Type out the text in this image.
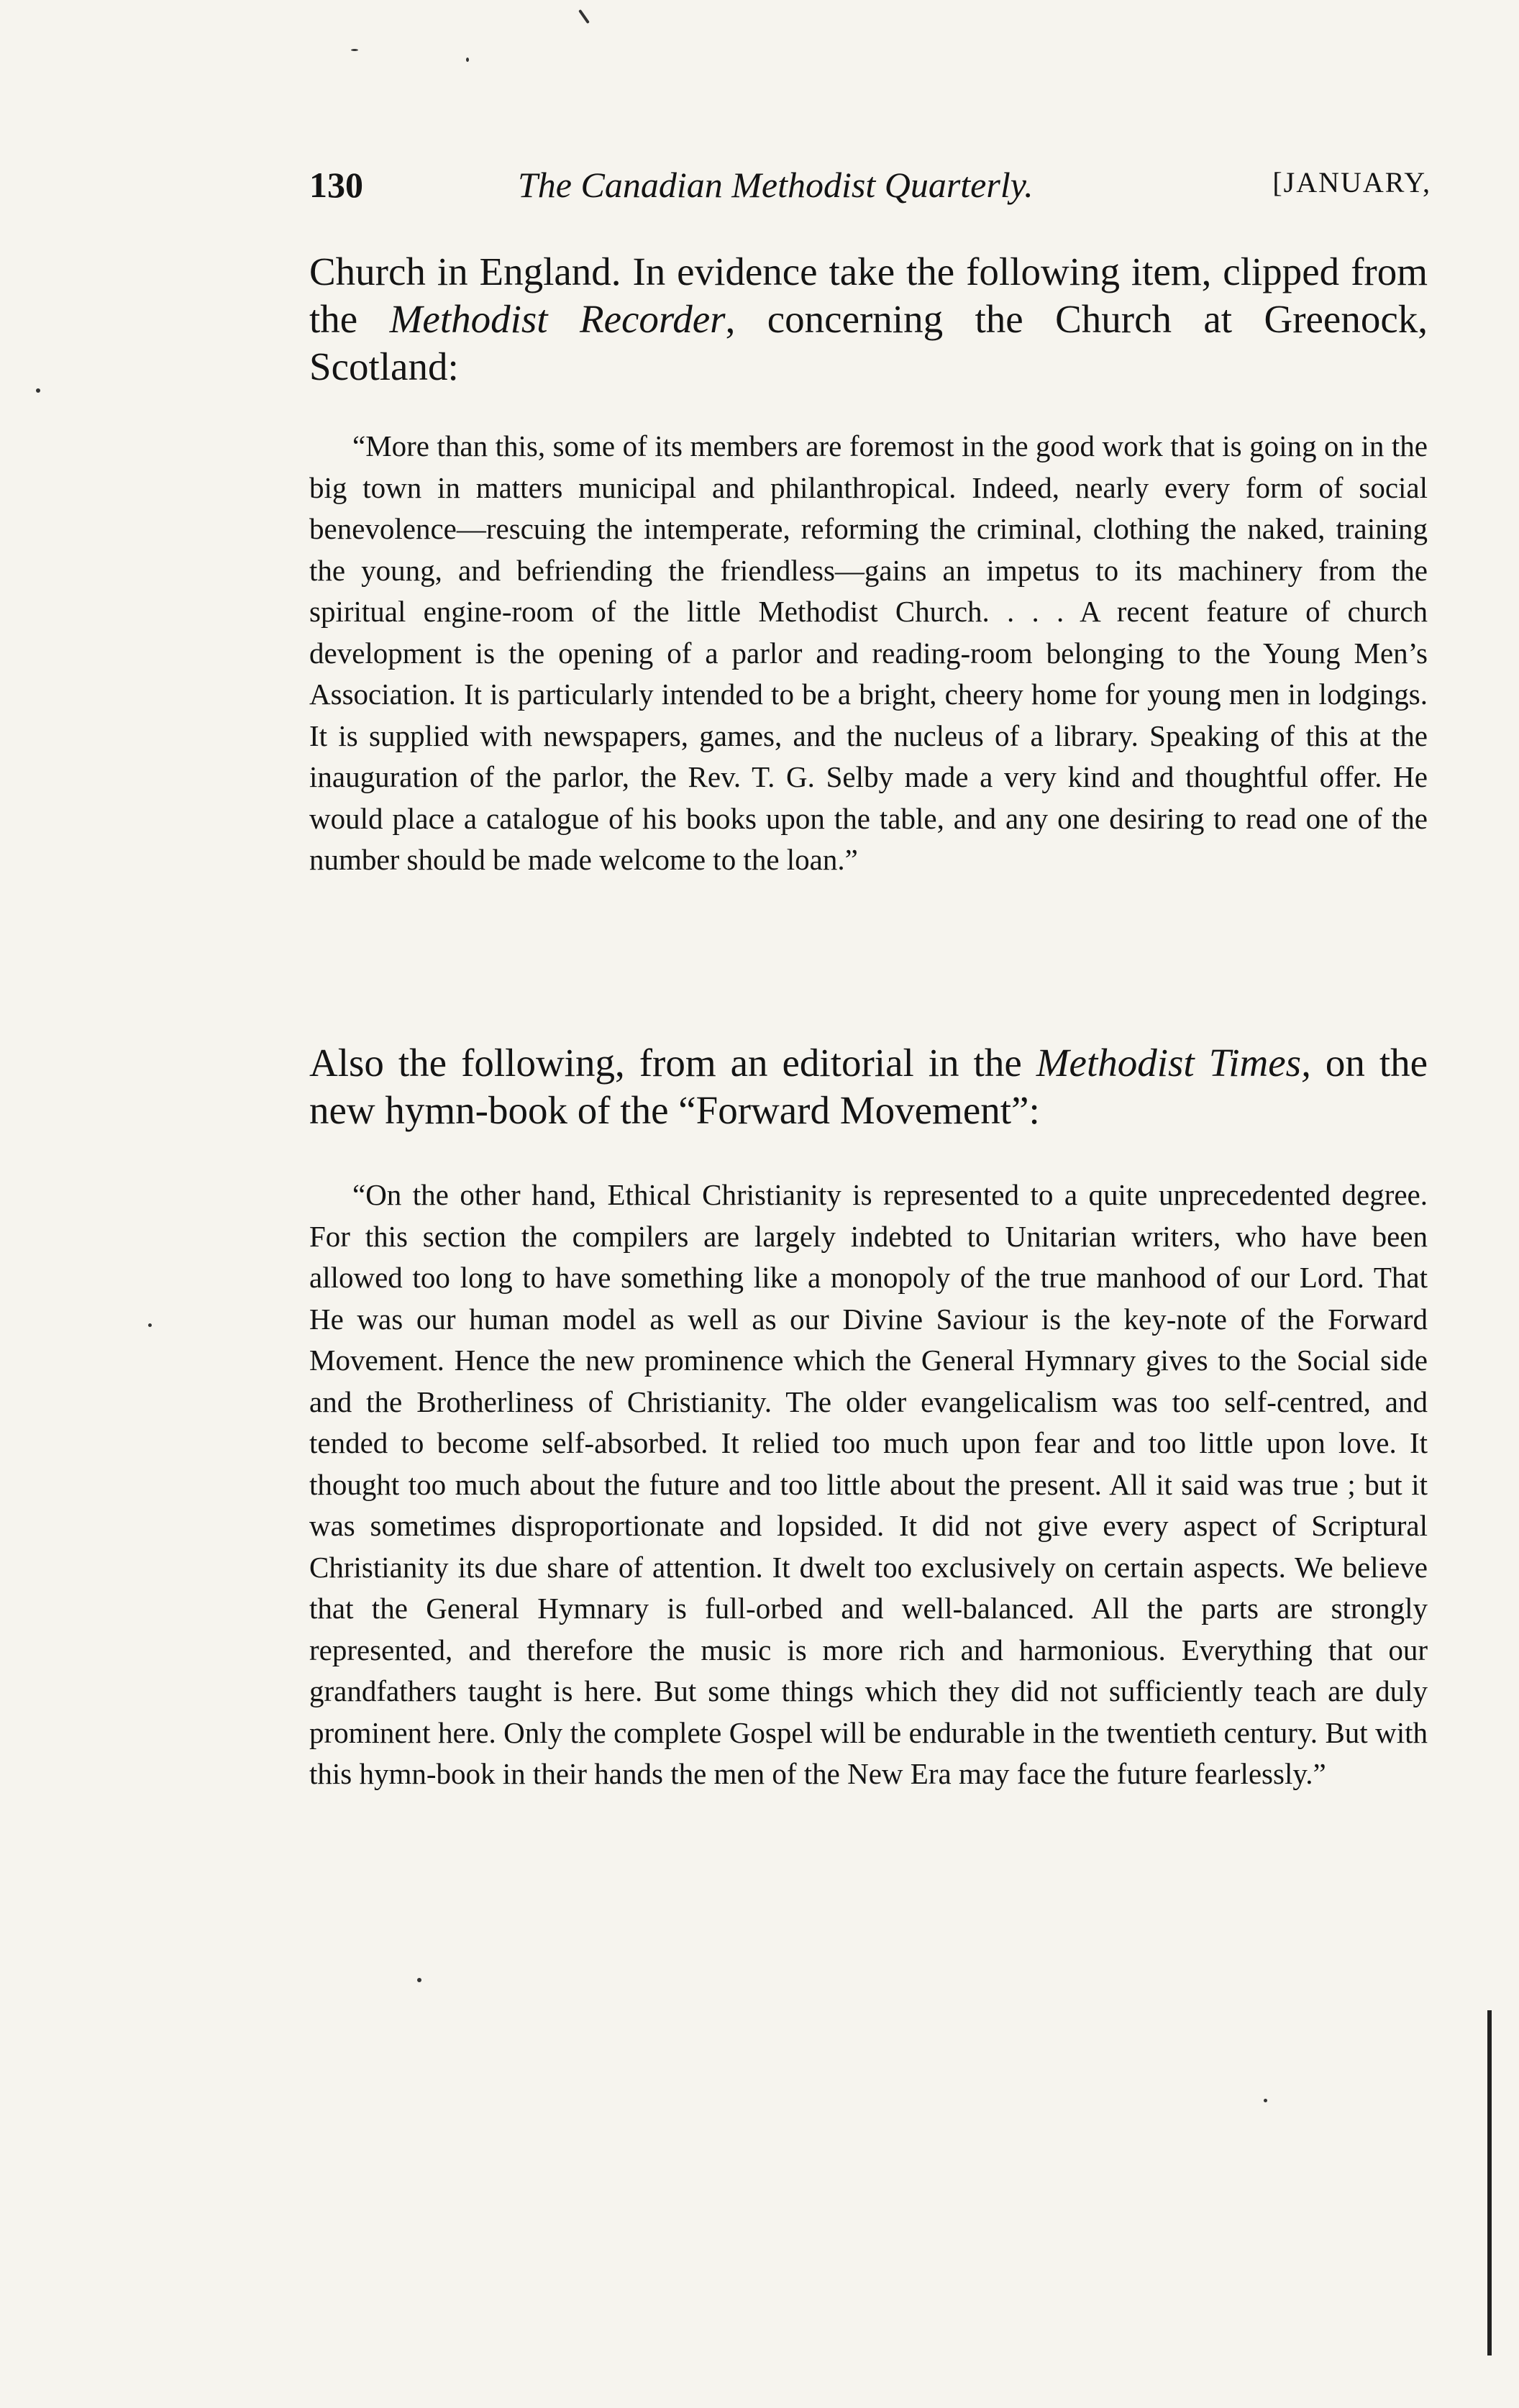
130	The Canadian Methodist Quarterly.	[JANUARY,

Church in England. In evidence take the following item, clipped from the Methodist Recorder, concerning the Church at Greenock, Scotland:

“More than this, some of its members are foremost in the good work that is going on in the big town in matters municipal and philanthropical. Indeed, nearly every form of social benevolence—rescuing the intemperate, reforming the criminal, clothing the naked, training the young, and befriending the friendless—gains an impetus to its machinery from the spiritual engine-room of the little Methodist Church. . . . A recent feature of church development is the opening of a parlor and reading-room belonging to the Young Men’s Association. It is particularly intended to be a bright, cheery home for young men in lodgings. It is supplied with newspapers, games, and the nucleus of a library. Speaking of this at the inauguration of the parlor, the Rev. T. G. Selby made a very kind and thoughtful offer. He would place a catalogue of his books upon the table, and any one desiring to read one of the number should be made welcome to the loan.”

Also the following, from an editorial in the Methodist Times, on the new hymn-book of the “Forward Movement”:

“On the other hand, Ethical Christianity is represented to a quite unprecedented degree. For this section the compilers are largely indebted to Unitarian writers, who have been allowed too long to have something like a monopoly of the true manhood of our Lord. That He was our human model as well as our Divine Saviour is the key-note of the Forward Movement. Hence the new prominence which the General Hymnary gives to the Social side and the Brotherliness of Christianity. The older evangelicalism was too self-centred, and tended to become self-absorbed. It relied too much upon fear and too little upon love. It thought too much about the future and too little about the present. All it said was true ; but it was sometimes disproportionate and lopsided. It did not give every aspect of Scriptural Christianity its due share of attention. It dwelt too exclusively on certain aspects. We believe that the General Hymnary is full-orbed and well-balanced. All the parts are strongly represented, and therefore the music is more rich and harmonious. Everything that our grandfathers taught is here. But some things which they did not sufficiently teach are duly prominent here. Only the complete Gospel will be endurable in the twentieth century. But with this hymn-book in their hands the men of the New Era may face the future fearlessly.”
